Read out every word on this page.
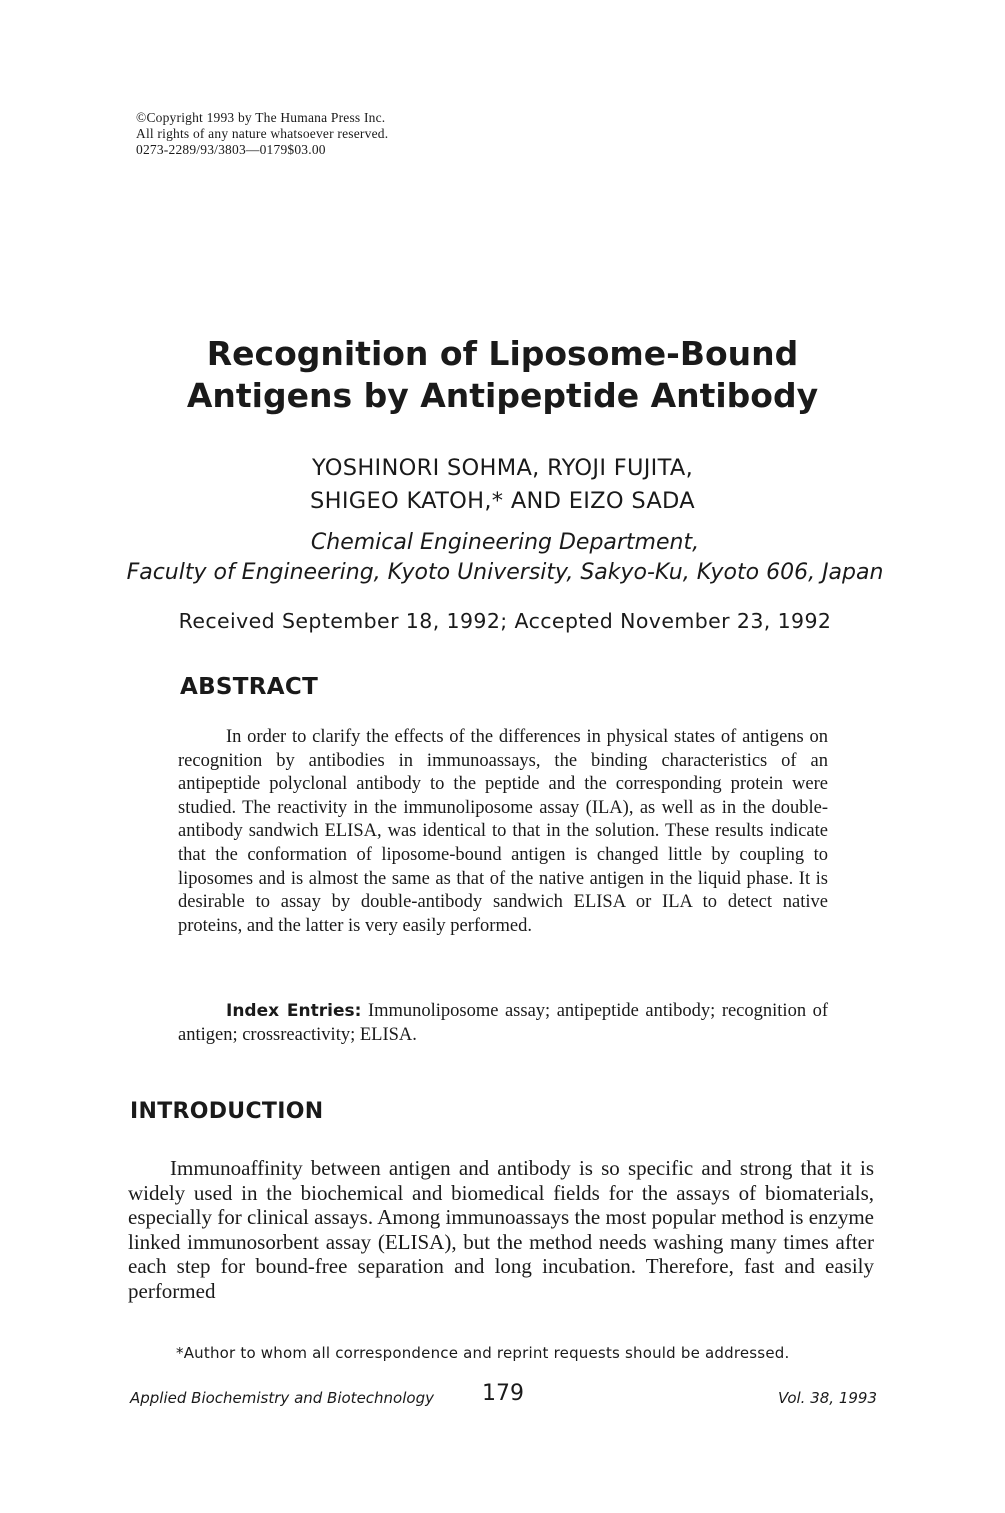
©Copyright 1993 by The Humana Press Inc.
All rights of any nature whatsoever reserved.
0273-2289/93/3803—0179$03.00
Recognition of Liposome-Bound
Antigens by Antipeptide Antibody
YOSHINORI SOHMA, RYOJI FUJITA,
SHIGEO KATOH,* AND EIZO SADA
Chemical Engineering Department,
Faculty of Engineering, Kyoto University, Sakyo-Ku, Kyoto 606, Japan
Received September 18, 1992; Accepted November 23, 1992
ABSTRACT

In order to clarify the effects of the differences in physical states of antigens on recognition by antibodies in immunoassays, the binding characteristics of an antipeptide polyclonal antibody to the peptide and the corresponding protein were studied. The reactivity in the immunoliposome assay (ILA), as well as in the double-antibody sandwich ELISA, was identical to that in the solution. These results indicate that the conformation of liposome-bound antigen is changed little by coupling to liposomes and is almost the same as that of the native antigen in the liquid phase. It is desirable to assay by double-antibody sandwich ELISA or ILA to detect native proteins, and the latter is very easily performed.

Index Entries: Immunoliposome assay; antipeptide antibody; recognition of antigen; crossreactivity; ELISA.
INTRODUCTION

Immunoaffinity between antigen and antibody is so specific and strong that it is widely used in the biochemical and biomedical fields for the assays of biomaterials, especially for clinical assays. Among immunoassays the most popular method is enzyme linked immunosorbent assay (ELISA), but the method needs washing many times after each step for bound-free separation and long incubation. Therefore, fast and easily performed

*Author to whom all correspondence and reprint requests should be addressed.
Applied Biochemistry and Biotechnology 179	Vol. 38, 1993
